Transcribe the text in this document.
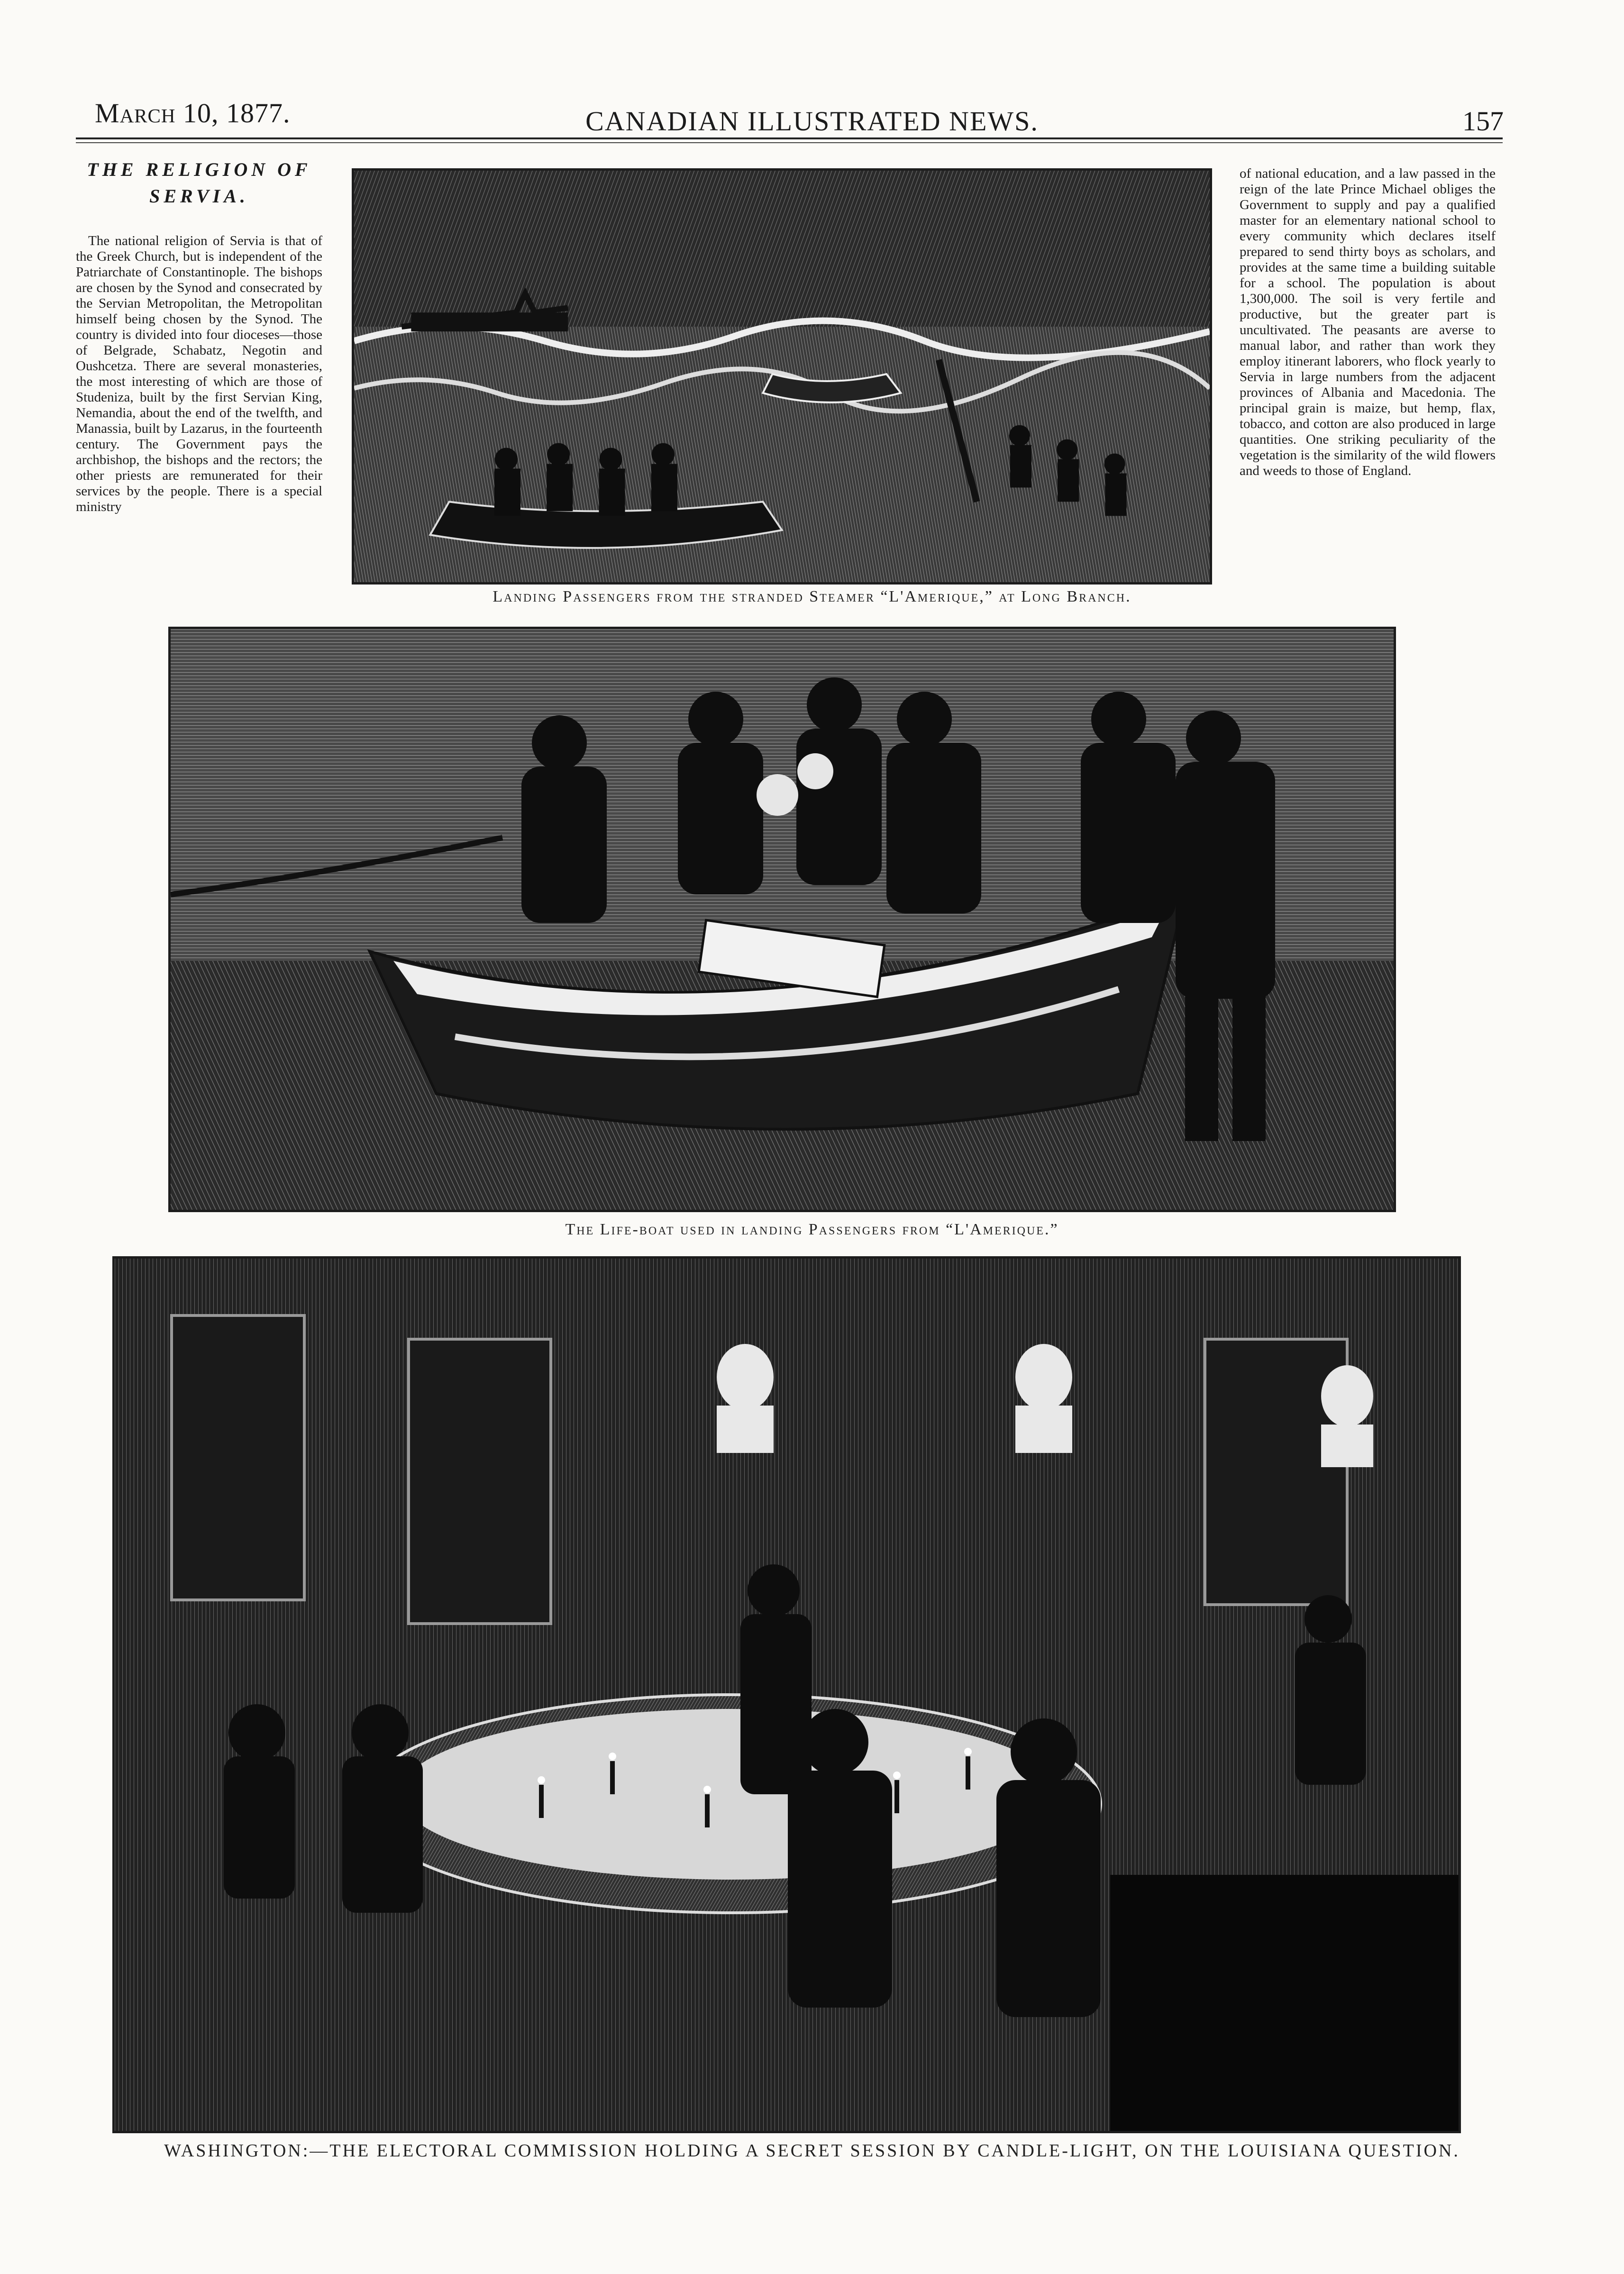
March 10, 1877.	CANADIAN ILLUSTRATED NEWS.	157
THE RELIGION OF SERVIA.

The national religion of Servia is that of the Greek Church, but is independent of the Patriarchate of Constantinople. The bishops are chosen by the Synod and consecrated by the Servian Metropolitan, the Metropolitan himself being chosen by the Synod. The country is divided into four dioceses—those of Belgrade, Schabatz, Negotin and Oushcetza. There are several monasteries, the most interesting of which are those of Studeniza, built by the first Servian King, Nemandia, about the end of the twelfth, and Manassia, built by Lazarus, in the fourteenth century. The Government pays the archbishop, the bishops and the rectors; the other priests are remunerated for their services by the people. There is a special ministry

of national education, and a law passed in the reign of the late Prince Michael obliges the Government to supply and pay a qualified master for an elementary national school to every community which declares itself prepared to send thirty boys as scholars, and provides at the same time a building suitable for a school. The population is about 1,300,000. The soil is very fertile and productive, but the greater part is uncultivated. The peasants are averse to manual labor, and rather than work they employ itinerant laborers, who flock yearly to Servia in large numbers from the adjacent provinces of Albania and Macedonia. The principal grain is maize, but hemp, flax, tobacco, and cotton are also produced in large quantities. One striking peculiarity of the vegetation is the similarity of the wild flowers and weeds to those of England.

Landing Passengers from the stranded Steamer “L'Amerique,” at Long Branch.
The Life-boat used in landing Passengers from “L'Amerique.”
WASHINGTON:—THE ELECTORAL COMMISSION HOLDING A SECRET SESSION BY CANDLE-LIGHT, ON THE LOUISIANA QUESTION.
